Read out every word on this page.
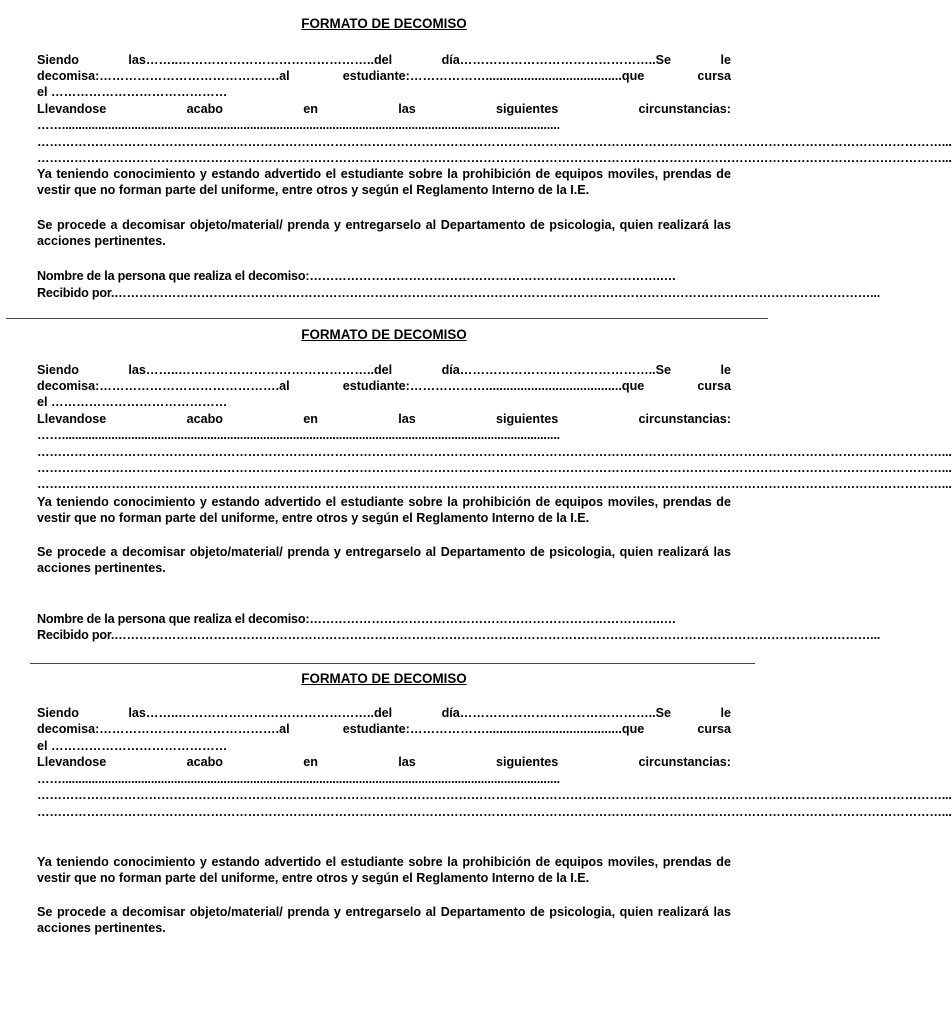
FORMATO DE DECOMISO
Siendo	las……..………………………………………..del	día………………………………………..Se	le
decomisa:…………………………………….al	estudiante:……………….......................................que	cursa
el ……………………………………
Llevandose	acabo	en	las	siguientes	circunstancias:
…….......................................................................................................................................................
…………………………………………………………………………………………………………………………………………………………………………………………………...
…………………………………………………………………………………………………………………………………………………………………………………………………...
Ya teniendo conocimiento y estando advertido el estudiante sobre la prohibición de equipos moviles, prendas de vestir que no forman parte del uniforme, entre otros y según el Reglamento Interno de la I.E.
Se procede a decomisar objeto/material/ prenda y entregarselo al Departamento de psicologia, quien realizará las acciones pertinentes.
Nombre de la persona que realiza el decomiso:………………………………………………………………………….….
Recibido por.…………………………………………………………………………………………………………………………………………………………………...
FORMATO DE DECOMISO
Siendo	las……..………………………………………..del	día………………………………………..Se	le
decomisa:…………………………………….al	estudiante:……………….......................................que	cursa
el ……………………………………
Llevandose	acabo	en	las	siguientes	circunstancias:
…….......................................................................................................................................................
…………………………………………………………………………………………………………………………………………………………………………………………………...
…………………………………………………………………………………………………………………………………………………………………………………………………...
…………………………………………………………………………………………………………………………………………………………………………………………………...
Ya teniendo conocimiento y estando advertido el estudiante sobre la prohibición de equipos moviles, prendas de vestir que no forman parte del uniforme, entre otros y según el Reglamento Interno de la I.E.
Se procede a decomisar objeto/material/ prenda y entregarselo al Departamento de psicologia, quien realizará las acciones pertinentes.
Nombre de la persona que realiza el decomiso:………………………………………………………………………….….
Recibido por.…………………………………………………………………………………………………………………………………………………………………...
FORMATO DE DECOMISO
Siendo	las……..………………………………………..del	día………………………………………..Se	le
decomisa:…………………………………….al	estudiante:……………….......................................que	cursa
el ……………………………………
Llevandose	acabo	en	las	siguientes	circunstancias:
…….......................................................................................................................................................
…………………………………………………………………………………………………………………………………………………………………………………………………...
…………………………………………………………………………………………………………………………………………………………………………………………………...
Ya teniendo conocimiento y estando advertido el estudiante sobre la prohibición de equipos moviles, prendas de vestir que no forman parte del uniforme, entre otros y según el Reglamento Interno de la I.E.
Se procede a decomisar objeto/material/ prenda y entregarselo al Departamento de psicologia, quien realizará las acciones pertinentes.
